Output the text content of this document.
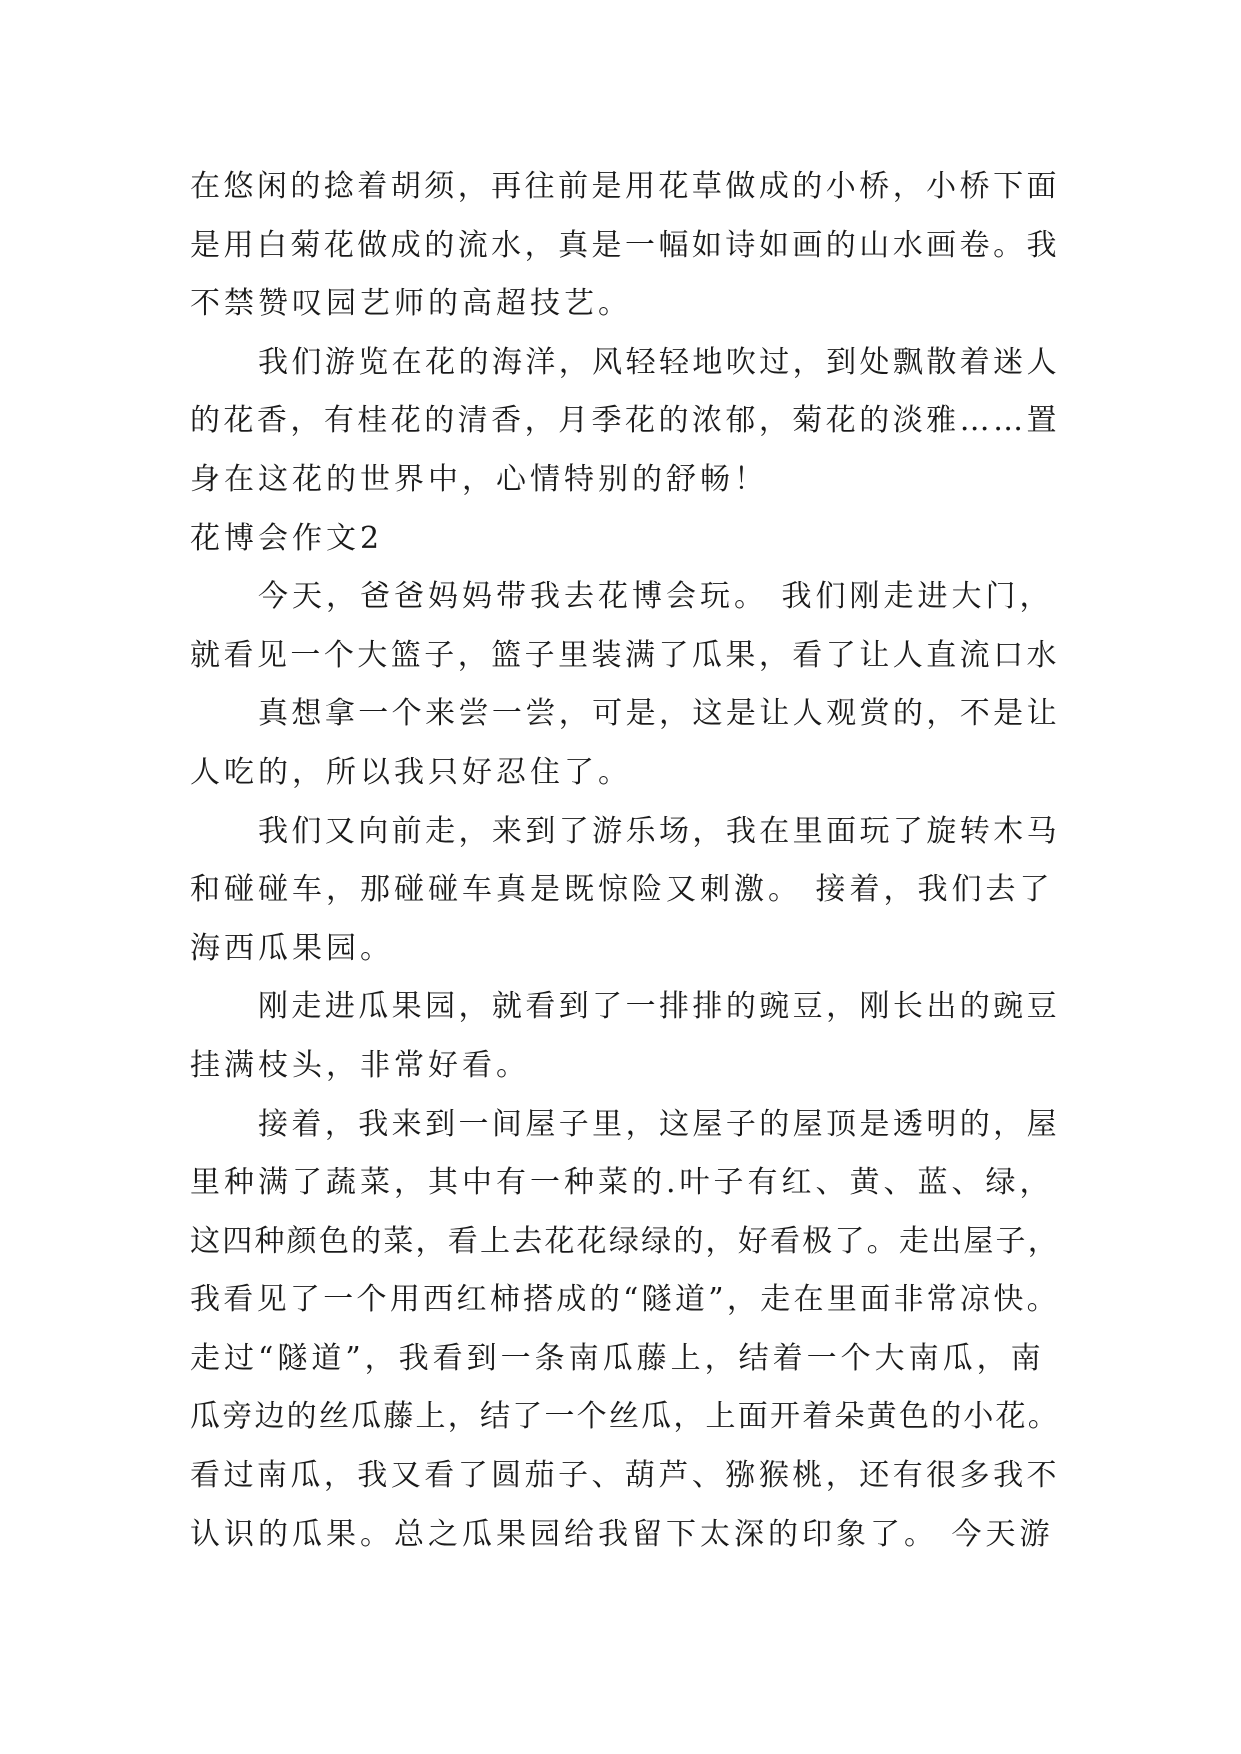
在悠闲的捻着胡须，再往前是用花草做成的小桥，小桥下面
是用白菊花做成的流水，真是一幅如诗如画的山水画卷。我
不禁赞叹园艺师的高超技艺。
我们游览在花的海洋，风轻轻地吹过，到处飘散着迷人
的花香，有桂花的清香，月季花的浓郁，菊花的淡雅……置
身在这花的世界中，心情特别的舒畅！
花博会作文2
今天，爸爸妈妈带我去花博会玩。 我们刚走进大门，
就看见一个大篮子，篮子里装满了瓜果，看了让人直流口水
真想拿一个来尝一尝，可是，这是让人观赏的，不是让
人吃的，所以我只好忍住了。
我们又向前走，来到了游乐场，我在里面玩了旋转木马
和碰碰车，那碰碰车真是既惊险又刺激。 接着，我们去了
海西瓜果园。
刚走进瓜果园，就看到了一排排的豌豆，刚长出的豌豆
挂满枝头，非常好看。
接着，我来到一间屋子里，这屋子的屋顶是透明的，屋
里种满了蔬菜，其中有一种菜的.叶子有红、黄、蓝、绿，
这四种颜色的菜，看上去花花绿绿的，好看极了。走出屋子，
我看见了一个用西红柿搭成的“隧道”，走在里面非常凉快。
走过“隧道”，我看到一条南瓜藤上，结着一个大南瓜，南
瓜旁边的丝瓜藤上，结了一个丝瓜，上面开着朵黄色的小花。
看过南瓜，我又看了圆茄子、葫芦、猕猴桃，还有很多我不
认识的瓜果。总之瓜果园给我留下太深的印象了。 今天游
